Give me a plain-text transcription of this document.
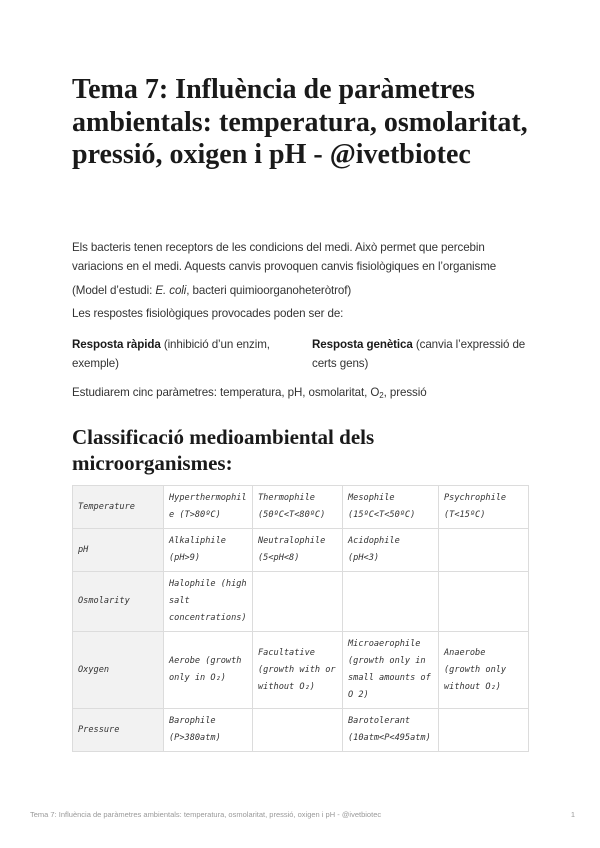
Tema 7: Influència de paràmetres ambientals: temperatura, osmolaritat, pressió, oxigen i pH - @ivetbiotec

Els bacteris tenen receptors de les condicions del medi. Això permet que percebin variacions en el medi. Aquests canvis provoquen canvis fisiològiques en l’organisme

(Model d’estudi: E. coli, bacteri quimioorganoheteròtrof)

Les respostes fisiològiques provocades poden ser de:

Resposta ràpida (inhibició d’un enzim, exemple)

Resposta genètica (canvia l’expressió de certs gens)

Estudiarem cinc paràmetres: temperatura, pH, osmolaritat, $O_2$, pressió

Classificació medioambiental dels microorganismes:
Temperature	Hyperthermophile (T>80ºC)	Thermophile (50ºC<T<80ºC)	Mesophile (15ºC<T<50ºC)	Psychrophile (T<15ºC)
pH	Alkaliphile (pH>9)	Neutralophile (5<pH<8)	Acidophile (pH<3)	
Osmolarity	Halophile (high salt concentrations)			
Oxygen	Aerobe (growth only in O₂)	Facultative (growth with or without O₂)	Microaerophile (growth only in small amounts of O 2)	Anaerobe (growth only without O₂)
Pressure	Barophile (P>380atm)		Barotolerant (10atm<P<495atm)	
Tema 7: Influència de paràmetres ambientals: temperatura, osmolaritat, pressió, oxigen i pH - @ivetbiotec	1
